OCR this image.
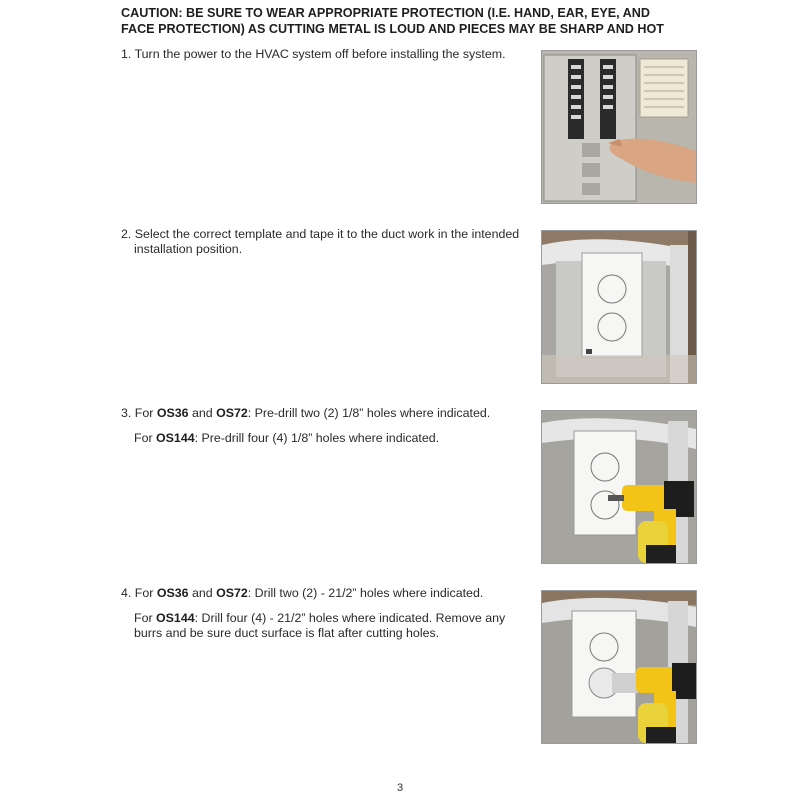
CAUTION: BE SURE TO WEAR APPROPRIATE PROTECTION (I.E. HAND, EAR, EYE, AND FACE PROTECTION) AS CUTTING METAL IS LOUD AND PIECES MAY BE SHARP AND HOT

1. Turn the power to the HVAC system off before installing the system.

2. Select the correct template and tape it to the duct work in the intended

installation position.

3. For OS36 and OS72: Pre-drill two (2) 1/8” holes where indicated.

For OS144: Pre-drill four (4) 1/8” holes where indicated.

4. For OS36 and OS72: Drill two (2) - 21/2” holes where indicated.

For OS144: Drill four (4) - 21/2” holes where indicated. Remove any

burrs and be sure duct surface is flat after cutting holes.

3
